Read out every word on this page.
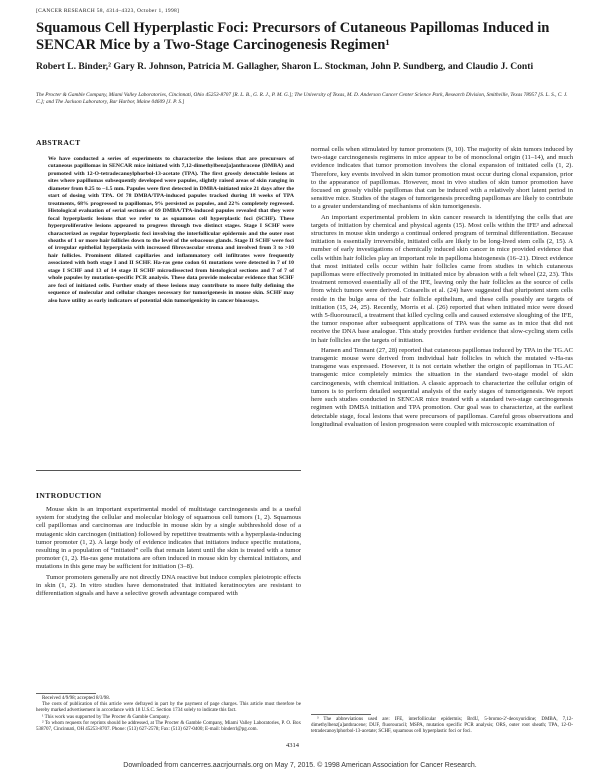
[CANCER RESEARCH 58, 4314–4323, October 1, 1998]
Squamous Cell Hyperplastic Foci: Precursors of Cutaneous Papillomas Induced in SENCAR Mice by a Two-Stage Carcinogenesis Regimen¹
Robert L. Binder,² Gary R. Johnson, Patricia M. Gallagher, Sharon L. Stockman, John P. Sundberg, and Claudio J. Conti
The Procter & Gamble Company, Miami Valley Laboratories, Cincinnati, Ohio 45253-8707 [R. L. B., G. R. J., P. M. G.]; The University of Texas, M. D. Anderson Cancer Center Science Park, Research Division, Smithville, Texas 78957 [S. L. S., C. J. C.]; and The Jackson Laboratory, Bar Harbor, Maine 04609 [J. P. S.]
ABSTRACT

We have conducted a series of experiments to characterize the lesions that are precursors of cutaneous papillomas in SENCAR mice initiated with 7,12-dimethylbenz[a]anthracene (DMBA) and promoted with 12-O-tetradecanoylphorbol-13-acetate (TPA). The first grossly detectable lesions at sites where papillomas subsequently developed were papules, slightly raised areas of skin ranging in diameter from 0.25 to ~1.5 mm. Papules were first detected in DMBA-initiated mice 21 days after the start of dosing with TPA. Of 78 DMBA/TPA-induced papules tracked during 18 weeks of TPA treatments, 68% progressed to papillomas, 9% persisted as papules, and 22% completely regressed. Histological evaluation of serial sections of 69 DMBA/TPA-induced papules revealed that they were focal hyperplastic lesions that we refer to as squamous cell hyperplastic foci (SCHF). These hyperproliferative lesions appeared to progress through two distinct stages. Stage I SCHF were characterized as regular hyperplastic foci involving the interfollicular epidermis and the outer root sheaths of 1 or more hair follicles down to the level of the sebaceous glands. Stage II SCHF were foci of irregular epithelial hyperplasia with increased fibrovascular stroma and involved from 3 to >10 hair follicles. Prominent dilated capillaries and inflammatory cell infiltrates were frequently associated with both stage I and II SCHF. Ha-ras gene codon 61 mutations were detected in 7 of 10 stage I SCHF and 13 of 14 stage II SCHF microdissected from histological sections and 7 of 7 of whole papules by mutation-specific PCR analysis. These data provide molecular evidence that SCHF are foci of initiated cells. Further study of these lesions may contribute to more fully defining the sequence of molecular and cellular changes necessary for tumorigenesis in mouse skin. SCHF may also have utility as early indicators of potential skin tumorigenicity in cancer bioassays.

INTRODUCTION

Mouse skin is an important experimental model of multistage carcinogenesis and is a useful system for studying the cellular and molecular biology of squamous cell tumors (1, 2). Squamous cell papillomas and carcinomas are inducible in mouse skin by a single subthreshold dose of a mutagenic skin carcinogen (initiation) followed by repetitive treatments with a hyperplasia-inducing tumor promoter (1, 2). A large body of evidence indicates that initiators induce specific mutations, resulting in a population of “initiated” cells that remain latent until the skin is treated with a tumor promoter (1, 2). Ha-ras gene mutations are often induced in mouse skin by chemical initiators, and mutations in this gene may be sufficient for initiation (3–8).

Tumor promoters generally are not directly DNA reactive but induce complex pleiotropic effects in skin (1, 2). In vitro studies have demonstrated that initiated keratinocytes are resistant to differentiation signals and have a selective growth advantage compared with

Received 4/9/98; accepted 8/3/98.

The costs of publication of this article were defrayed in part by the payment of page charges. This article must therefore be hereby marked advertisement in accordance with 18 U.S.C. Section 1734 solely to indicate this fact.

¹ This work was supported by The Procter & Gamble Company.

² To whom requests for reprints should be addressed, at The Procter & Gamble Company, Miami Valley Laboratories, P. O. Box 538707, Cincinnati, OH 45253-8707. Phone: (513) 627-2578; Fax: (513) 627-0400; E-mail: binderrl@pg.com.

normal cells when stimulated by tumor promoters (9, 10). The majority of skin tumors induced by two-stage carcinogenesis regimens in mice appear to be of monoclonal origin (11–14), and much evidence indicates that tumor promotion involves the clonal expansion of initiated cells (1, 2). Therefore, key events involved in skin tumor promotion must occur during clonal expansion, prior to the appearance of papillomas. However, most in vivo studies of skin tumor promotion have focused on grossly visible papillomas that can be induced with a relatively short latent period in sensitive mice. Studies of the stages of tumorigenesis preceding papillomas are likely to contribute to a greater understanding of mechanisms of skin tumorigenesis.

An important experimental problem in skin cancer research is identifying the cells that are targets of initiation by chemical and physical agents (15). Most cells within the IFE³ and adnexal structures in mouse skin undergo a continual ordered program of terminal differentiation. Because initiation is essentially irreversible, initiated cells are likely to be long-lived stem cells (2, 15). A number of early investigations of chemically induced skin cancer in mice provided evidence that cells within hair follicles play an important role in papilloma histogenesis (16–21). Direct evidence that most initiated cells occur within hair follicles came from studies in which cutaneous papillomas were effectively promoted in initiated mice by abrasion with a felt wheel (22, 23). This treatment removed essentially all of the IFE, leaving only the hair follicles as the source of cells from which tumors were derived. Cotsarelis et al. (24) have suggested that pluripotent stem cells reside in the bulge area of the hair follicle epithelium, and these cells possibly are targets of initiation (15, 24, 25). Recently, Morris et al. (26) reported that when initiated mice were dosed with 5-fluorouracil, a treatment that killed cycling cells and caused extensive sloughing of the IFE, the tumor response after subsequent applications of TPA was the same as in mice that did not receive the DNA base analogue. This study provides further evidence that slow-cycling stem cells in hair follicles are the targets of initiation.

Hansen and Tennant (27, 28) reported that cutaneous papillomas induced by TPA in the TG.AC transgenic mouse were derived from individual hair follicles in which the mutated v-Ha-ras transgene was expressed. However, it is not certain whether the origin of papillomas in TG.AC transgenic mice completely mimics the situation in the standard two-stage model of skin carcinogenesis, with chemical initiation. A classic approach to characterize the cellular origin of tumors is to perform detailed sequential analysis of the early stages of tumorigenesis. We report here such studies conducted in SENCAR mice treated with a standard two-stage carcinogenesis regimen with DMBA initiation and TPA promotion. Our goal was to characterize, at the earliest detectable stage, focal lesions that were precursors of papillomas. Careful gross observations and longitudinal evaluation of lesion progression were coupled with microscopic examination of

³ The abbreviations used are: IFE, interfollicular epidermis; BrdU, 5-bromo-2′-deoxyuridine; DMBA, 7,12-dimethylbenz[a]anthracene; DUF, fluorouracil; MSPA, mutation specific PCR analysis; ORS, outer root sheath; TPA, 12-O-tetradecanoylphorbol-13-acetate; SCHF, squamous cell hyperplastic foci or foci.

4314
Downloaded from cancerres.aacrjournals.org on May 7, 2015. © 1998 American Association for Cancer Research.
